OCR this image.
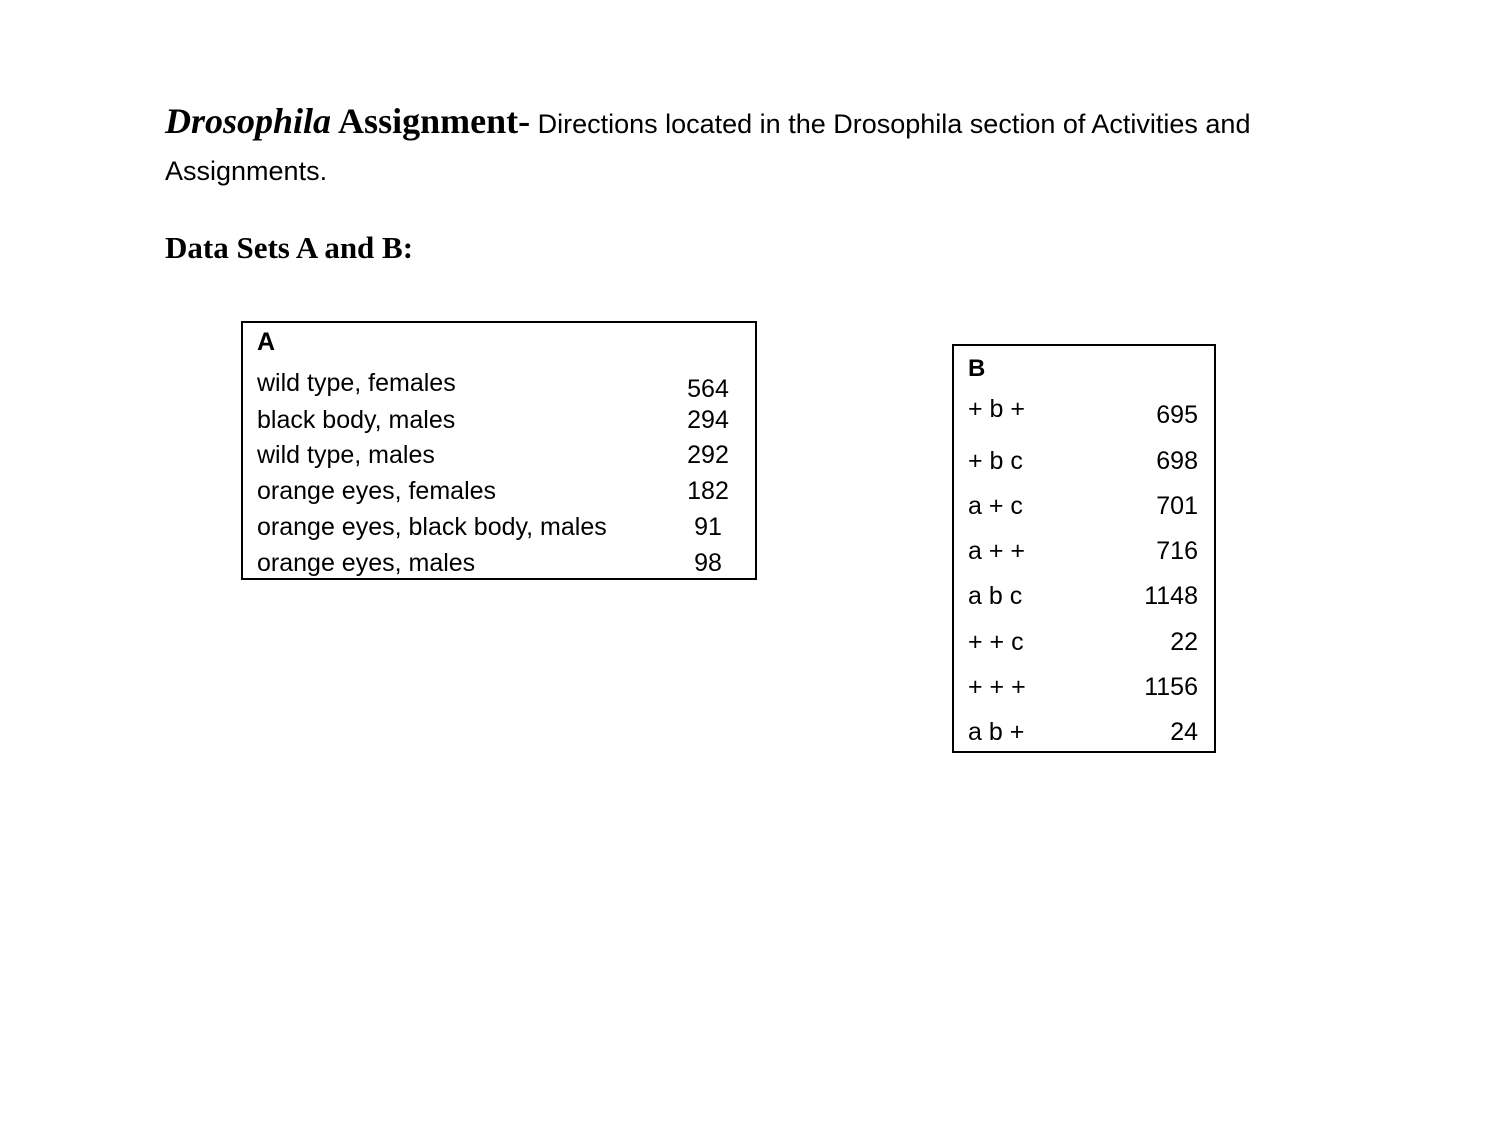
Drosophila Assignment- Directions located in the Drosophila section of Activities and Assignments.
Data Sets A and B:
A
wild type, females	564
black body, males	294
wild type, males	292
orange eyes, females	182
orange eyes, black body, males	91
orange eyes, males	98
B
+ b +	695
+ b c	698
a + c	701
a + +	716
a b c	1148
+ + c	22
+ + +	1156
a b +	24
